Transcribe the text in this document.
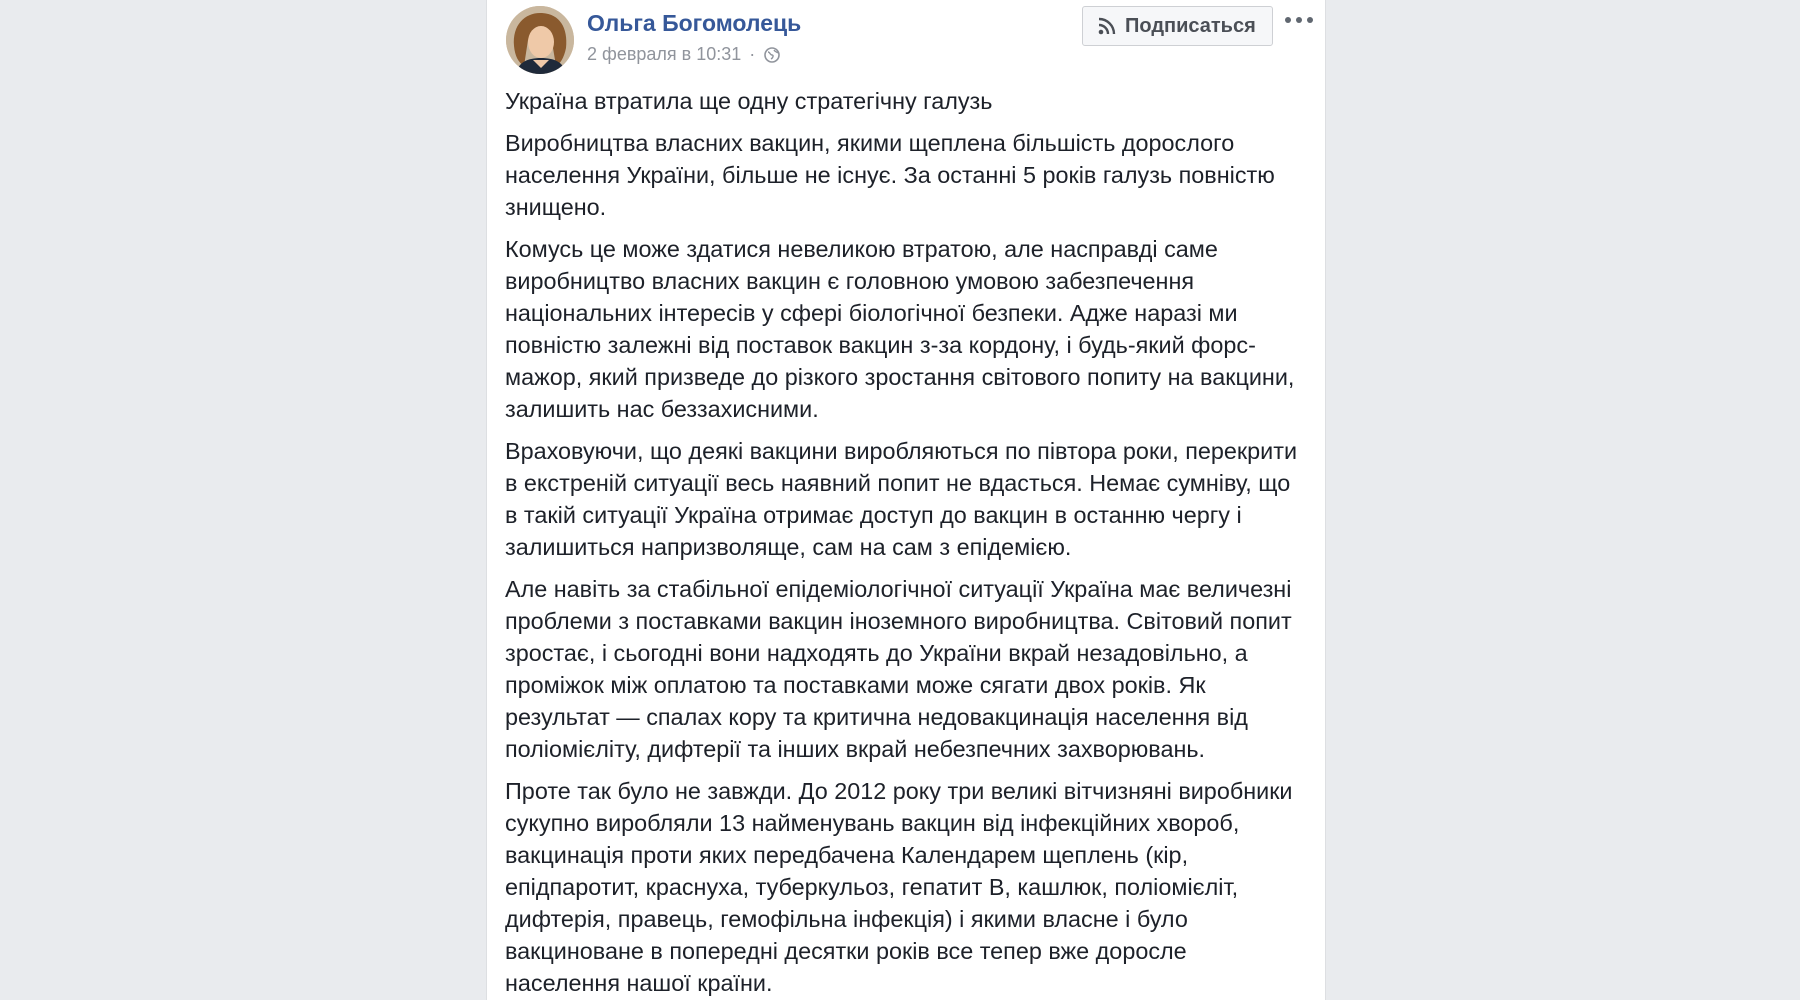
Ольга Богомолець
2 февраля в 10:31 ·
Подписаться

Україна втратила ще одну стратегічну галузь

Виробництва власних вакцин, якими щеплена більшість дорослого населення України, більше не існує. За останні 5 років галузь повністю знищено.

Комусь це може здатися невеликою втратою, але насправді саме виробництво власних вакцин є головною умовою забезпечення національних інтересів у сфері біологічної безпеки. Адже наразі ми повністю залежні від поставок вакцин з-за кордону, і будь-який форс-мажор, який призведе до різкого зростання світового попиту на вакцини, залишить нас беззахисними.

Враховуючи, що деякі вакцини виробляються по півтора роки, перекрити в екстреній ситуації весь наявний попит не вдасться. Немає сумніву, що в такій ситуації Україна отримає доступ до вакцин в останню чергу і залишиться напризволяще, сам на сам з епідемією.

Але навіть за стабільної епідеміологічної ситуації Україна має величезні проблеми з поставками вакцин іноземного виробництва. Світовий попит зростає, і сьогодні вони надходять до України вкрай незадовільно, а проміжок між оплатою та поставками може сягати двох років. Як результат — спалах кору та критична недовакцинація населення від поліомієліту, дифтерії та інших вкрай небезпечних захворювань.

Проте так було не завжди. До 2012 року три великі вітчизняні виробники сукупно виробляли 13 найменувань вакцин від інфекційних хвороб, вакцинація проти яких передбачена Календарем щеплень (кір, епідпаротит, краснуха, туберкульоз, гепатит В, кашлюк, поліомієліт, дифтерія, правець, гемофільна інфекція) і якими власне і було вакциноване в попередні десятки років все тепер вже доросле населення нашої країни.
